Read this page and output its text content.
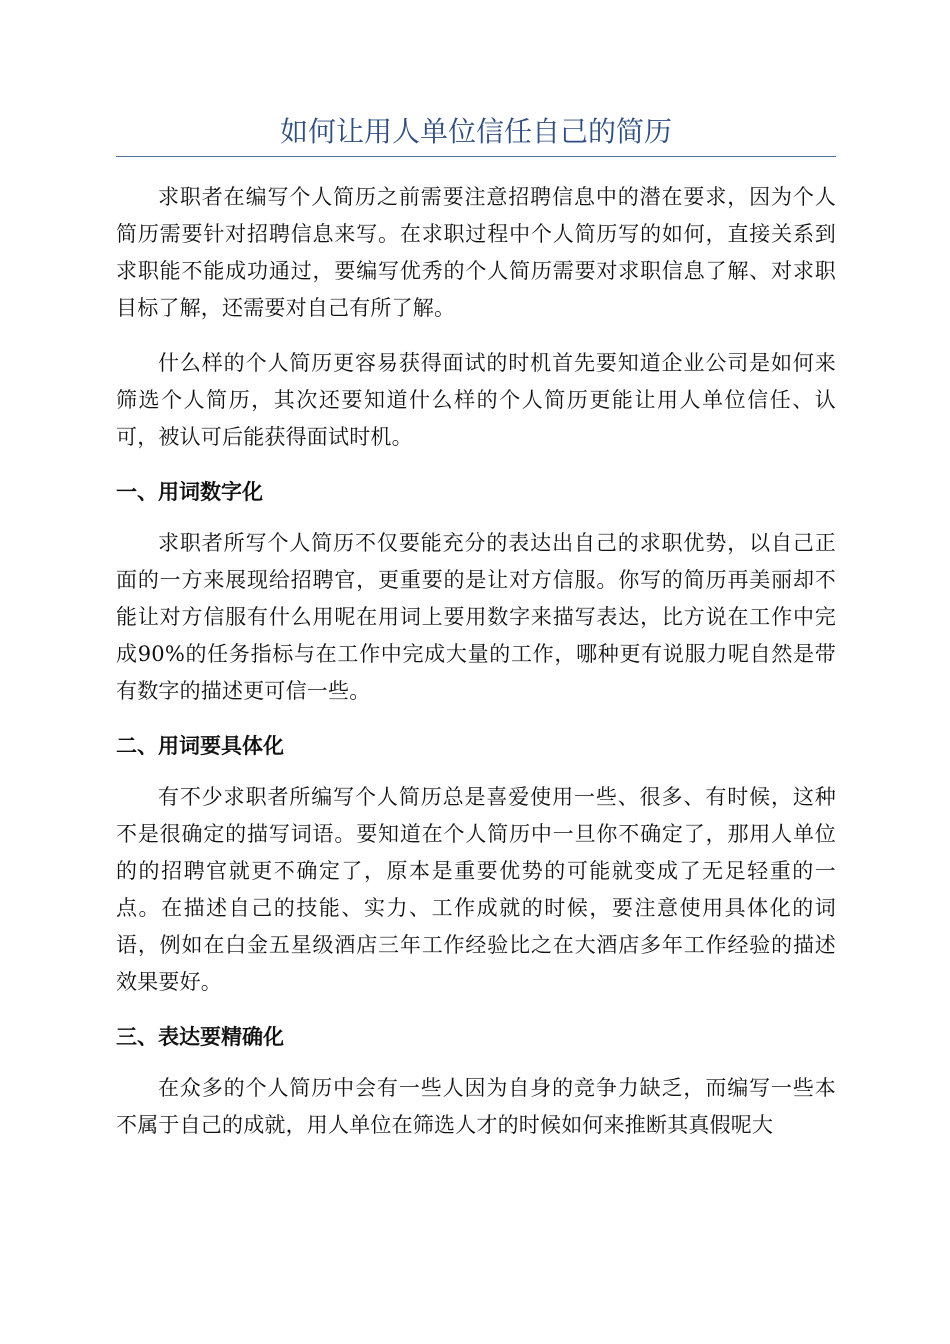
如何让用人单位信任自己的简历

求职者在编写个人简历之前需要注意招聘信息中的潜在要求，因为个人简历需要针对招聘信息来写。在求职过程中个人简历写的如何，直接关系到求职能不能成功通过，要编写优秀的个人简历需要对求职信息了解、对求职目标了解，还需要对自己有所了解。

什么样的个人简历更容易获得面试的时机首先要知道企业公司是如何来筛选个人简历，其次还要知道什么样的个人简历更能让用人单位信任、认可，被认可后能获得面试时机。

一、用词数字化

求职者所写个人简历不仅要能充分的表达出自己的求职优势，以自己正面的一方来展现给招聘官，更重要的是让对方信服。你写的简历再美丽却不能让对方信服有什么用呢在用词上要用数字来描写表达，比方说在工作中完成90%的任务指标与在工作中完成大量的工作，哪种更有说服力呢自然是带有数字的描述更可信一些。

二、用词要具体化

有不少求职者所编写个人简历总是喜爱使用一些、很多、有时候，这种不是很确定的描写词语。要知道在个人简历中一旦你不确定了，那用人单位的的招聘官就更不确定了，原本是重要优势的可能就变成了无足轻重的一点。在描述自己的技能、实力、工作成就的时候，要注意使用具体化的词语，例如在白金五星级酒店三年工作经验比之在大酒店多年工作经验的描述效果要好。

三、表达要精确化

在众多的个人简历中会有一些人因为自身的竞争力缺乏，而编写一些本不属于自己的成就，用人单位在筛选人才的时候如何来推断其真假呢大
